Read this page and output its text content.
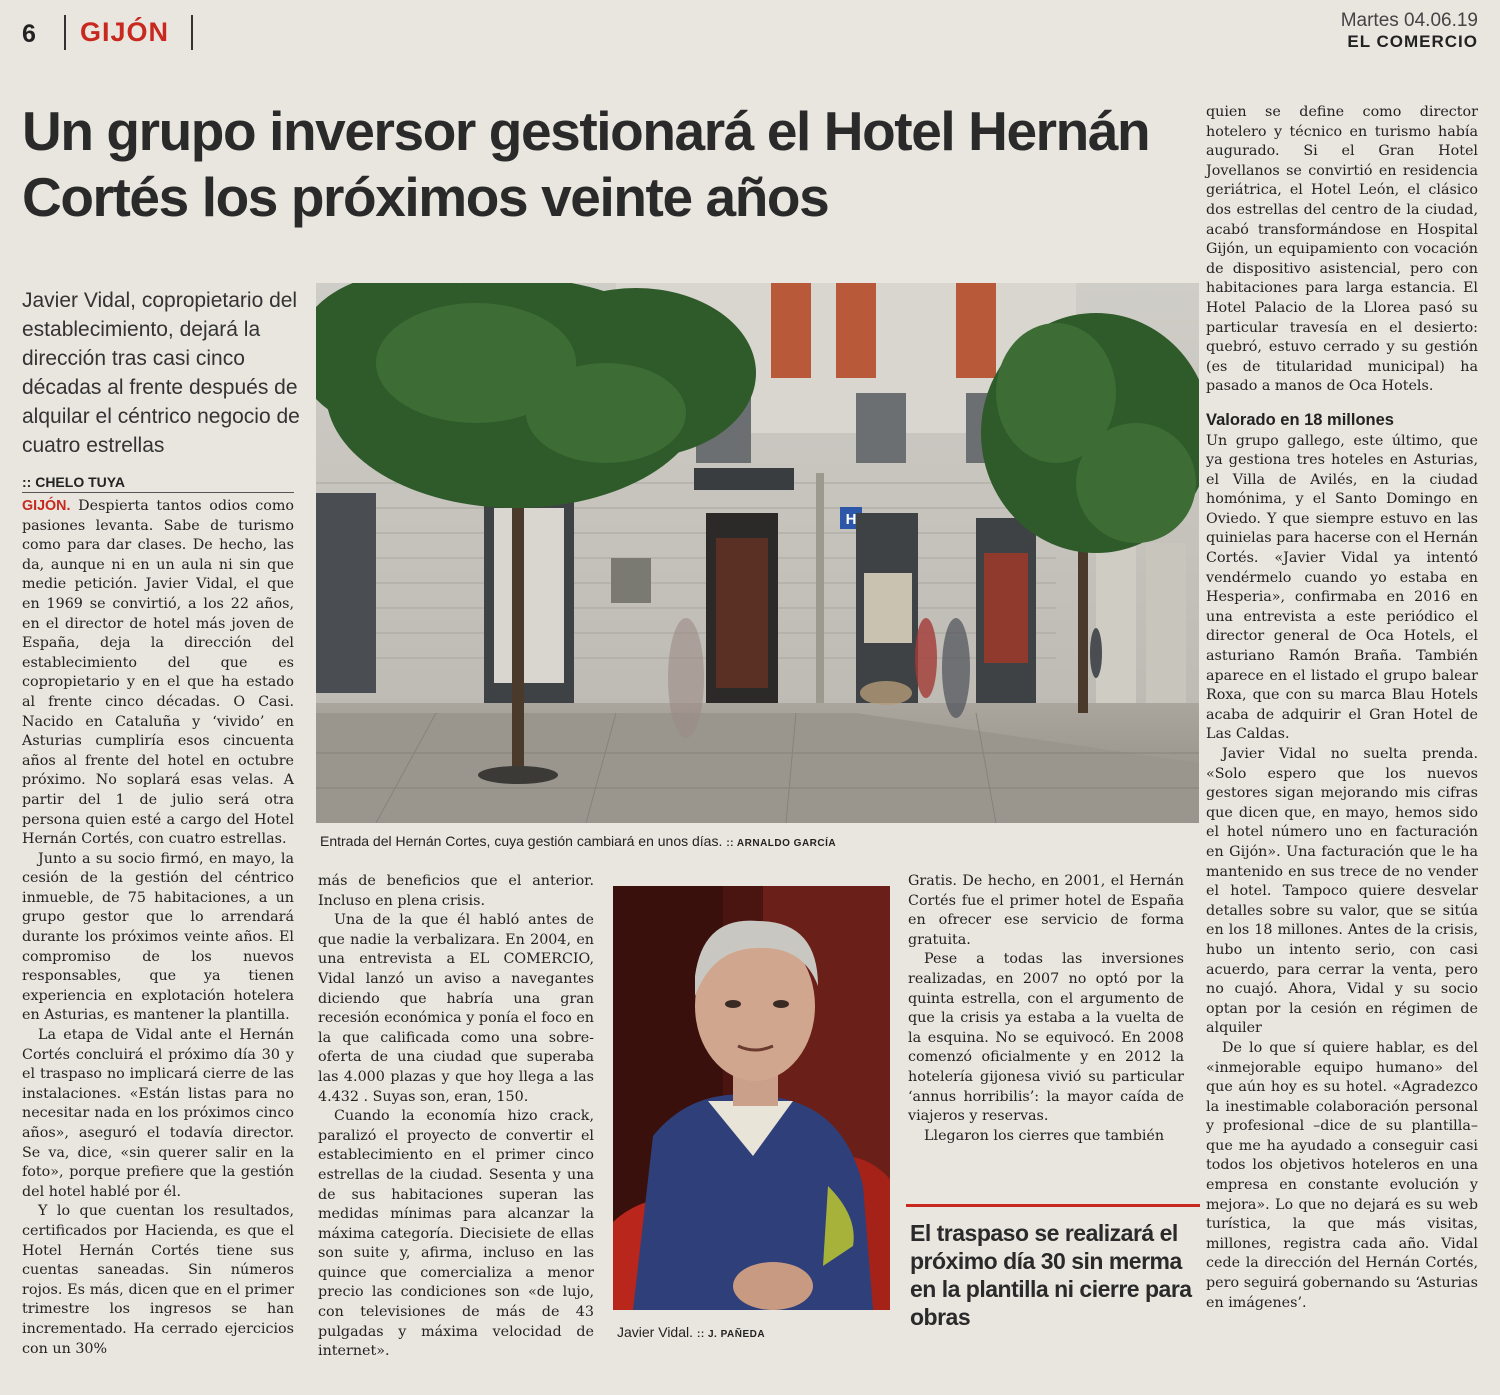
6 GIJÓN	Martes 04.06.19
EL COMERCIO
Un grupo inversor gestionará el Hotel Hernán Cortés los próximos veinte años
Javier Vidal, copropietario del establecimiento, dejará la dirección tras casi cinco décadas al frente después de alquilar el céntrico negocio de cuatro estrellas
:: CHELO TUYA

GIJÓN. Despierta tantos odios como pasiones levanta. Sabe de turismo como para dar clases. De hecho, las da, aunque ni en un aula ni sin que medie petición. Javier Vidal, el que en 1969 se convirtió, a los 22 años, en el director de hotel más joven de España, deja la dirección del establecimiento del que es copropietario y en el que ha estado al frente cinco décadas. O Casi. Nacido en Cataluña y ‘vivido’ en Asturias cumpliría esos cincuenta años al frente del hotel en octubre próximo. No soplará esas velas. A partir del 1 de julio será otra persona quien esté a cargo del Hotel Hernán Cortés, con cuatro estrellas.

Junto a su socio firmó, en mayo, la cesión de la gestión del céntrico inmueble, de 75 habitaciones, a un grupo gestor que lo arrendará durante los próximos veinte años. El compromiso de los nuevos responsables, que ya tienen experiencia en explotación hotelera en Asturias, es mantener la plantilla.

La etapa de Vidal ante el Hernán Cortés concluirá el próximo día 30 y el traspaso no implicará cierre de las instalaciones. «Están listas para no necesitar nada en los próximos cinco años», aseguró el todavía director. Se va, dice, «sin querer salir en la foto», porque prefiere que la gestión del hotel hablé por él.

Y lo que cuentan los resultados, certificados por Hacienda, es que el Hotel Hernán Cortés tiene sus cuentas saneadas. Sin números rojos. Es más, dicen que en el primer trimestre los ingresos se han incrementado. Ha cerrado ejercicios con un 30%

H
Entrada del Hernán Cortes, cuya gestión cambiará en unos días. :: ARNALDO GARCÍA

más de beneficios que el anterior. Incluso en plena crisis.

Una de la que él habló antes de que nadie la verbalizara. En 2004, en una entrevista a EL COMERCIO, Vidal lanzó un aviso a navegantes diciendo que habría una gran recesión económica y ponía el foco en la que calificada como una sobre-oferta de una ciudad que superaba las 4.000 plazas y que hoy llega a las 4.432 . Suyas son, eran, 150.

Cuando la economía hizo crack, paralizó el proyecto de convertir el establecimiento en el primer cinco estrellas de la ciudad. Sesenta y una de sus habitaciones superan las medidas mínimas para alcanzar la máxima categoría. Diecisiete de ellas son suite y, afirma, incluso en las quince que comercializa a menor precio las condiciones son «de lujo, con televisiones de más de 43 pulgadas y máxima velocidad de internet».

Javier Vidal. :: J. PAÑEDA

Gratis. De hecho, en 2001, el Hernán Cortés fue el primer hotel de España en ofrecer ese servicio de forma gratuita.

Pese a todas las inversiones realizadas, en 2007 no optó por la quinta estrella, con el argumento de que la crisis ya estaba a la vuelta de la esquina. No se equivocó. En 2008 comenzó oficialmente y en 2012 la hotelería gijonesa vivió su particular ‘annus horribilis’: la mayor caída de viajeros y reservas.

Llegaron los cierres que también

El traspaso se realizará el próximo día 30 sin merma en la plantilla ni cierre para obras

quien se define como director hotelero y técnico en turismo había augurado. Si el Gran Hotel Jovellanos se convirtió en residencia geriátrica, el Hotel León, el clásico dos estrellas del centro de la ciudad, acabó transformándose en Hospital Gijón, un equipamiento con vocación de dispositivo asistencial, pero con habitaciones para larga estancia. El Hotel Palacio de la Llorea pasó su particular travesía en el desierto: quebró, estuvo cerrado y su gestión (es de titularidad municipal) ha pasado a manos de Oca Hotels.

Valorado en 18 millones

Un grupo gallego, este último, que ya gestiona tres hoteles en Asturias, el Villa de Avilés, en la ciudad homónima, y el Santo Domingo en Oviedo. Y que siempre estuvo en las quinielas para hacerse con el Hernán Cortés. «Javier Vidal ya intentó vendérmelo cuando yo estaba en Hesperia», confirmaba en 2016 en una entrevista a este periódico el director general de Oca Hotels, el asturiano Ramón Braña. También aparece en el listado el grupo balear Roxa, que con su marca Blau Hotels acaba de adquirir el Gran Hotel de Las Caldas.

Javier Vidal no suelta prenda. «Solo espero que los nuevos gestores sigan mejorando mis cifras que dicen que, en mayo, hemos sido el hotel número uno en facturación en Gijón». Una facturación que le ha mantenido en sus trece de no vender el hotel. Tampoco quiere desvelar detalles sobre su valor, que se sitúa en los 18 millones. Antes de la crisis, hubo un intento serio, con casi acuerdo, para cerrar la venta, pero no cuajó. Ahora, Vidal y su socio optan por la cesión en régimen de alquiler

De lo que sí quiere hablar, es del «inmejorable equipo humano» del que aún hoy es su hotel. «Agradezco la inestimable colaboración personal y profesional –dice de su plantilla– que me ha ayudado a conseguir casi todos los objetivos hoteleros en una empresa en constante evolución y mejora». Lo que no dejará es su web turística, la que más visitas, millones, registra cada año. Vidal cede la dirección del Hernán Cortés, pero seguirá gobernando su ‘Asturias en imágenes’.
